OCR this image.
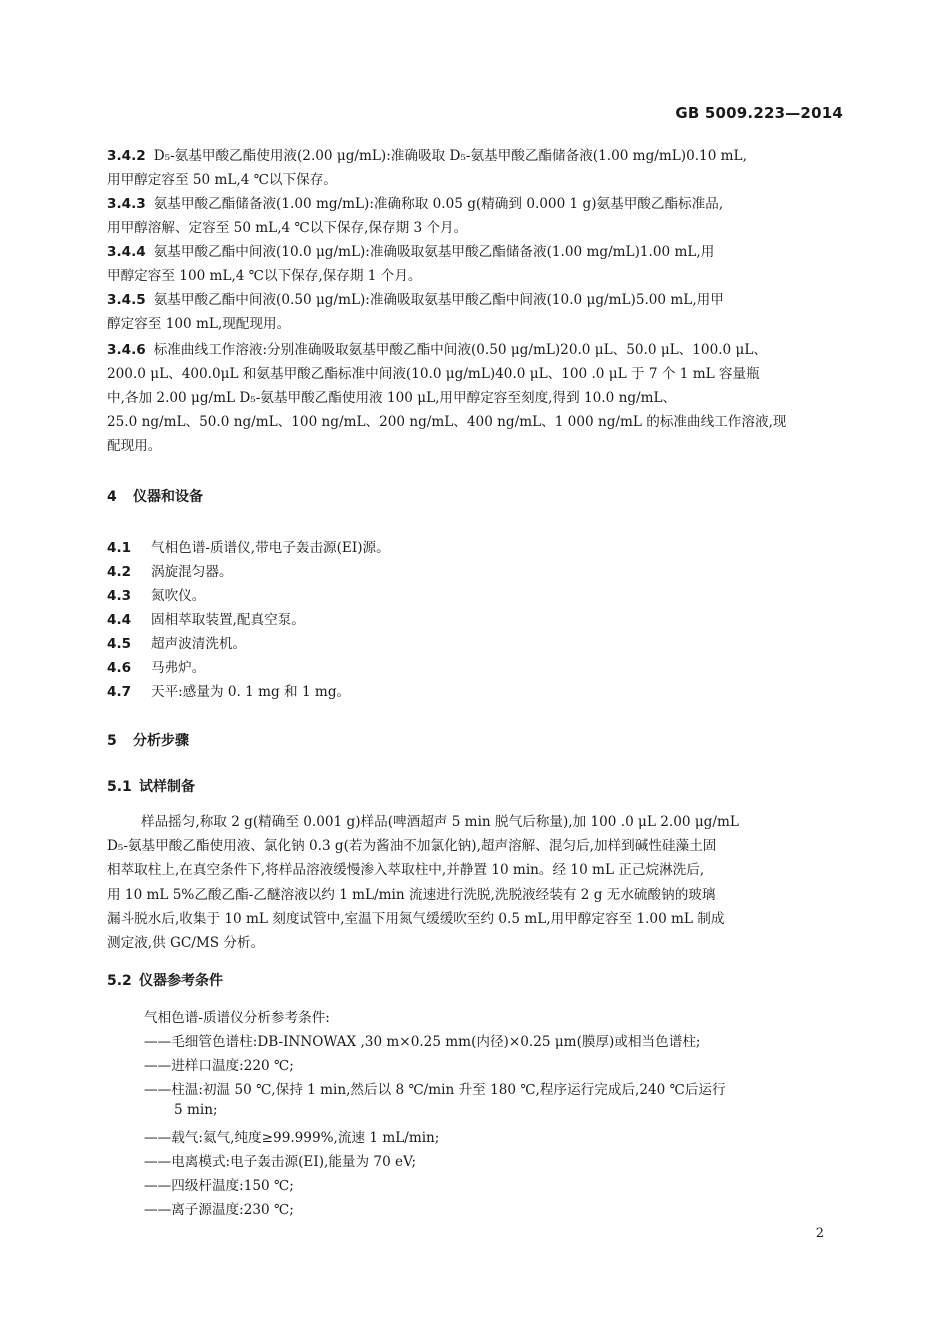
GB 5009.223—2014
3.4.2 D₅-氨基甲酸乙酯使用液(2.00 μg/mL):准确吸取 D₅-氨基甲酸乙酯储备液(1.00 mg/mL)0.10 mL,
用甲醇定容至 50 mL,4 ℃以下保存。
3.4.3 氨基甲酸乙酯储备液(1.00 mg/mL):准确称取 0.05 g(精确到 0.000 1 g)氨基甲酸乙酯标准品,
用甲醇溶解、定容至 50 mL,4 ℃以下保存,保存期 3 个月。
3.4.4 氨基甲酸乙酯中间液(10.0 μg/mL):准确吸取氨基甲酸乙酯储备液(1.00 mg/mL)1.00 mL,用
甲醇定容至 100 mL,4 ℃以下保存,保存期 1 个月。
3.4.5 氨基甲酸乙酯中间液(0.50 μg/mL):准确吸取氨基甲酸乙酯中间液(10.0 μg/mL)5.00 mL,用甲
醇定容至 100 mL,现配现用。
3.4.6 标准曲线工作溶液:分别准确吸取氨基甲酸乙酯中间液(0.50 μg/mL)20.0 μL、50.0 μL、100.0 μL、
200.0 μL、400.0μL 和氨基甲酸乙酯标准中间液(10.0 μg/mL)40.0 μL、100 .0 μL 于 7 个 1 mL 容量瓶
中,各加 2.00 μg/mL D₅-氨基甲酸乙酯使用液 100 μL,用甲醇定容至刻度,得到 10.0 ng/mL、
25.0 ng/mL、50.0 ng/mL、100 ng/mL、200 ng/mL、400 ng/mL、1 000 ng/mL 的标准曲线工作溶液,现
配现用。
4 仪器和设备
4.1 气相色谱-质谱仪,带电子轰击源(EI)源。
4.2 涡旋混匀器。
4.3 氮吹仪。
4.4 固相萃取装置,配真空泵。
4.5 超声波清洗机。
4.6 马弗炉。
4.7 天平:感量为 0. 1 mg 和 1 mg。
5 分析步骤
5.1 试样制备
样品摇匀,称取 2 g(精确至 0.001 g)样品(啤酒超声 5 min 脱气后称量),加 100 .0 μL 2.00 μg/mL
D₅-氨基甲酸乙酯使用液、氯化钠 0.3 g(若为酱油不加氯化钠),超声溶解、混匀后,加样到碱性硅藻土固
相萃取柱上,在真空条件下,将样品溶液缓慢渗入萃取柱中,并静置 10 min。经 10 mL 正己烷淋洗后,
用 10 mL 5%乙酸乙酯-乙醚溶液以约 1 mL/min 流速进行洗脱,洗脱液经装有 2 g 无水硫酸钠的玻璃
漏斗脱水后,收集于 10 mL 刻度试管中,室温下用氮气缓缓吹至约 0.5 mL,用甲醇定容至 1.00 mL 制成
测定液,供 GC/MS 分析。
5.2 仪器参考条件
气相色谱-质谱仪分析参考条件:
——毛细管色谱柱:DB-INNOWAX ,30 m×0.25 mm(内径)×0.25 μm(膜厚)或相当色谱柱;
——进样口温度:220 ℃;
——柱温:初温 50 ℃,保持 1 min,然后以 8 ℃/min 升至 180 ℃,程序运行完成后,240 ℃后运行
5 min;
——载气:氦气,纯度≥99.999%,流速 1 mL/min;
——电离模式:电子轰击源(EI),能量为 70 eV;
——四级杆温度:150 ℃;
——离子源温度:230 ℃;
2
